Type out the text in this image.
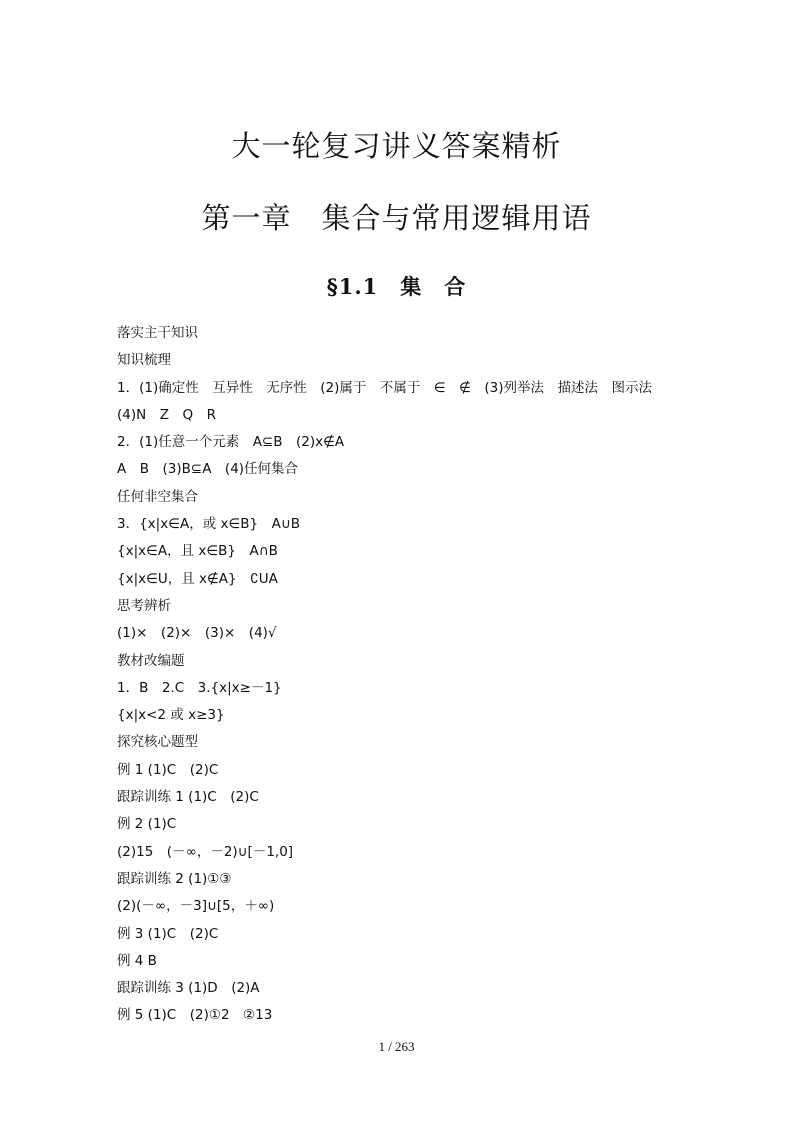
大一轮复习讲义答案精析
第一章　集合与常用逻辑用语
§1.1　集　合
落实主干知识
知识梳理
1．(1)确定性　互异性　无序性　(2)属于　不属于　∈　∉　(3)列举法　描述法　图示法
(4)N　Z　Q　R
2．(1)任意一个元素　A⊆B　(2)x∉A
A　B　(3)B⊆A　(4)任何集合
任何非空集合
3．{x|x∈A，或 x∈B}　A∪B
{x|x∈A，且 x∈B}　A∩B
{x|x∈U，且 x∉A}　∁UA
思考辨析
(1)×　(2)×　(3)×　(4)√
教材改编题
1．B　2.C　3.{x|x≥－1}
{x|x<2 或 x≥3}
探究核心题型
例 1 (1)C　(2)C
跟踪训练 1 (1)C　(2)C
例 2 (1)C
(2)15　(－∞，－2)∪[－1,0]
跟踪训练 2 (1)①③
(2)(－∞，－3]∪[5，＋∞)
例 3 (1)C　(2)C
例 4 B
跟踪训练 3 (1)D　(2)A
例 5 (1)C　(2)①2　②13
1 / 263
